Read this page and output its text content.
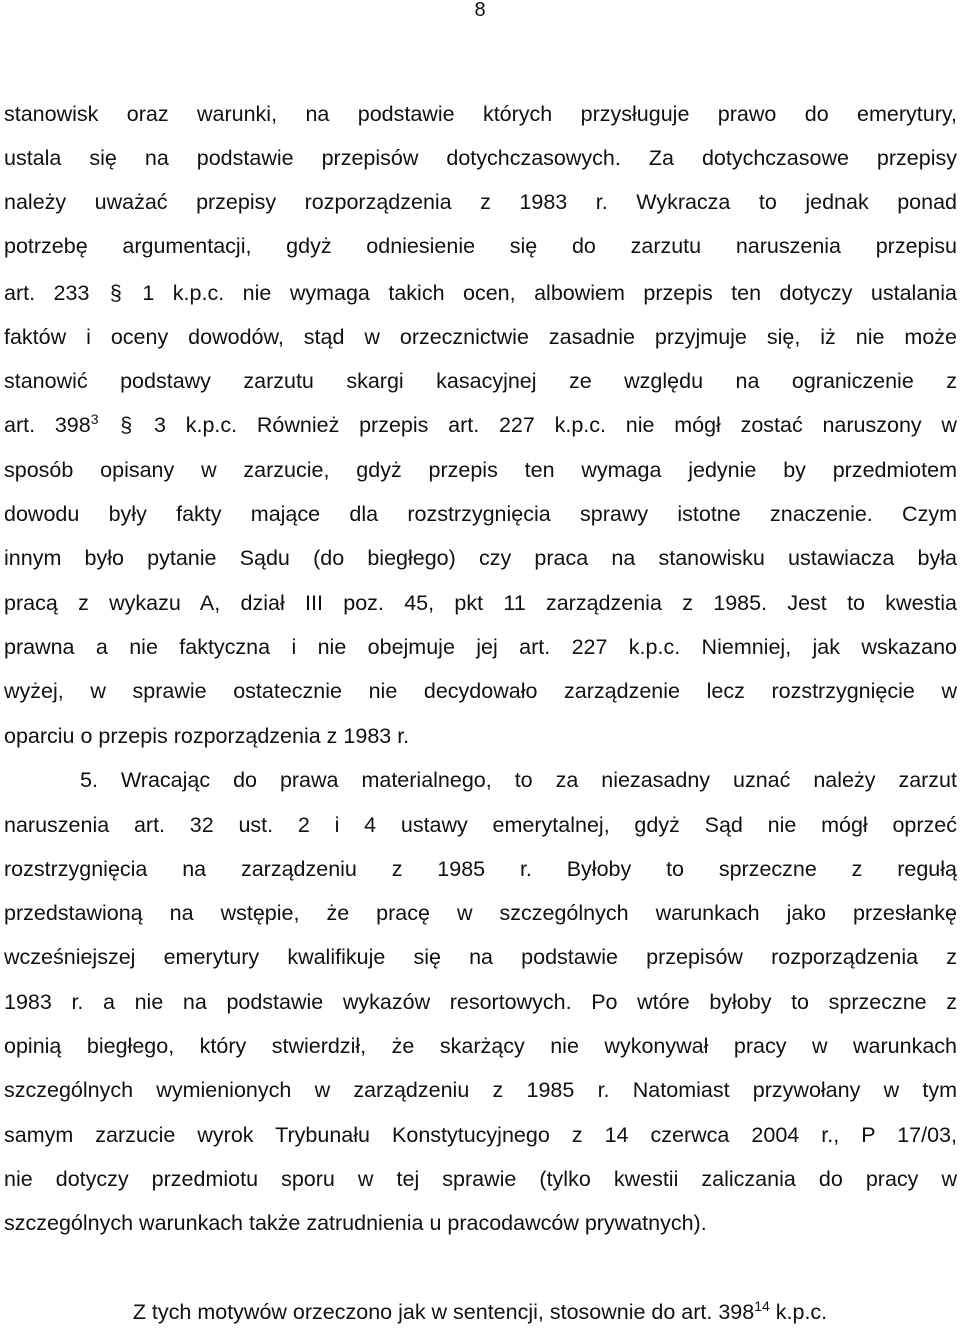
8
stanowisk oraz warunki, na podstawie których przysługuje prawo do emerytury,
ustala się na podstawie przepisów dotychczasowych. Za dotychczasowe przepisy
należy uważać przepisy rozporządzenia z 1983 r. Wykracza to jednak ponad
potrzebę argumentacji, gdyż odniesienie się do zarzutu naruszenia przepisu
art. 233 § 1 k.p.c. nie wymaga takich ocen, albowiem przepis ten dotyczy ustalania
faktów i oceny dowodów, stąd w orzecznictwie zasadnie przyjmuje się, iż nie może
stanowić podstawy zarzutu skargi kasacyjnej ze względu na ograniczenie z
art. $398^3$ § 3 k.p.c. Również przepis art. 227 k.p.c. nie mógł zostać naruszony w
sposób opisany w zarzucie, gdyż przepis ten wymaga jedynie by przedmiotem
dowodu były fakty mające dla rozstrzygnięcia sprawy istotne znaczenie. Czym
innym było pytanie Sądu (do biegłego) czy praca na stanowisku ustawiacza była
pracą z wykazu A, dział III poz. 45, pkt 11 zarządzenia z 1985. Jest to kwestia
prawna a nie faktyczna i nie obejmuje jej art. 227 k.p.c. Niemniej, jak wskazano
wyżej, w sprawie ostatecznie nie decydowało zarządzenie lecz rozstrzygnięcie w
oparciu o przepis rozporządzenia z 1983 r.
5. Wracając do prawa materialnego, to za niezasadny uznać należy zarzut
naruszenia art. 32 ust. 2 i 4 ustawy emerytalnej, gdyż Sąd nie mógł oprzeć
rozstrzygnięcia na zarządzeniu z 1985 r. Byłoby to sprzeczne z regułą
przedstawioną na wstępie, że pracę w szczególnych warunkach jako przesłankę
wcześniejszej emerytury kwalifikuje się na podstawie przepisów rozporządzenia z
1983 r. a nie na podstawie wykazów resortowych. Po wtóre byłoby to sprzeczne z
opinią biegłego, który stwierdził, że skarżący nie wykonywał pracy w warunkach
szczególnych wymienionych w zarządzeniu z 1985 r. Natomiast przywołany w tym
samym zarzucie wyrok Trybunału Konstytucyjnego z 14 czerwca 2004 r., P 17/03,
nie dotyczy przedmiotu sporu w tej sprawie (tylko kwestii zaliczania do pracy w
szczególnych warunkach także zatrudnienia u pracodawców prywatnych).
Z tych motywów orzeczono jak w sentencji, stosownie do art. $398^{14}$ k.p.c.
